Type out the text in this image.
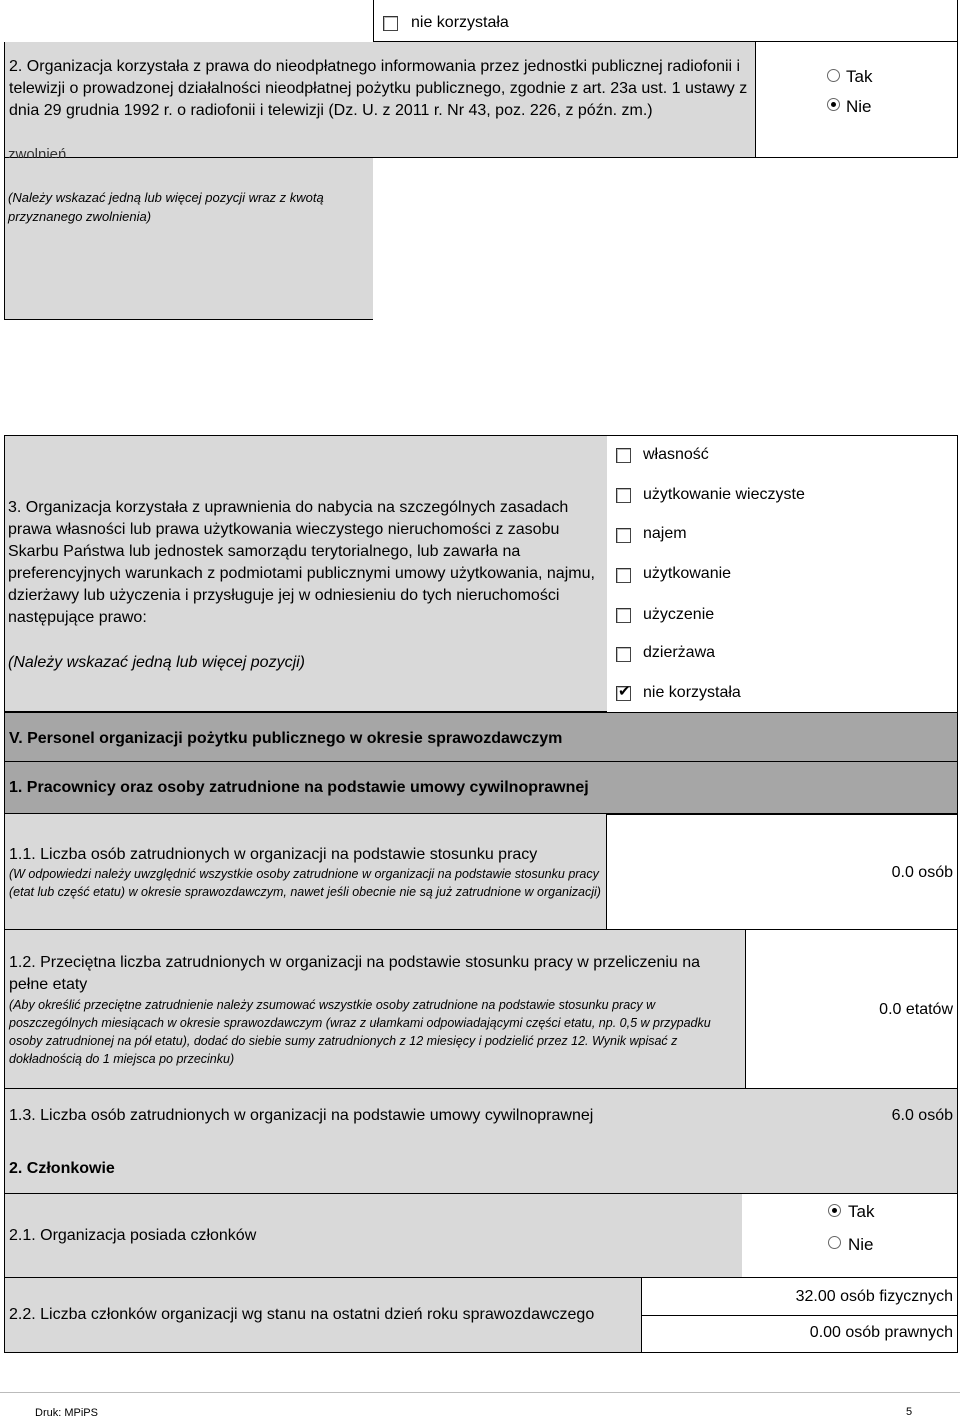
nie korzystała
2. Organizacja korzystała z prawa do nieodpłatnego informowania przez jednostki publicznej radiofonii i telewizji o prowadzonej działalności nieodpłatnej pożytku publicznego, zgodnie z art. 23a ust. 1 ustawy z dnia 29 grudnia 1992 r. o radiofonii i telewizji (Dz. U. z 2011 r. Nr 43, poz. 226, z późn. zm.)
Tak
Nie
zwolnień
(Należy wskazać jedną lub więcej pozycji wraz z kwotą przyznanego zwolnienia)
3. Organizacja korzystała z uprawnienia do nabycia na szczególnych zasadach prawa własności lub prawa użytkowania wieczystego nieruchomości z zasobu Skarbu Państwa lub jednostek samorządu terytorialnego, lub zawarła na preferencyjnych warunkach z podmiotami publicznymi umowy użytkowania, najmu, dzierżawy lub użyczenia i przysługuje jej w odniesieniu do tych nieruchomości następujące prawo:
(Należy wskazać jedną lub więcej pozycji)
własność
użytkowanie wieczyste
najem
użytkowanie
użyczenie
dzierżawa
✔ nie korzystała
V. Personel organizacji pożytku publicznego w okresie sprawozdawczym
1. Pracownicy oraz osoby zatrudnione na podstawie umowy cywilnoprawnej
1.1. Liczba osób zatrudnionych w organizacji na podstawie stosunku pracy
(W odpowiedzi należy uwzględnić wszystkie osoby zatrudnione w organizacji na podstawie stosunku pracy (etat lub część etatu) w okresie sprawozdawczym, nawet jeśli obecnie nie są już zatrudnione w organizacji)
0.0 osób
1.2. Przeciętna liczba zatrudnionych w organizacji na podstawie stosunku pracy w przeliczeniu na pełne etaty
(Aby określić przeciętne zatrudnienie należy zsumować wszystkie osoby zatrudnione na podstawie stosunku pracy w poszczególnych miesiącach w okresie sprawozdawczym (wraz z ułamkami odpowiadającymi części etatu, np. 0,5 w przypadku osoby zatrudnionej na pół etatu), dodać do siebie sumy zatrudnionych z 12 miesięcy i podzielić przez 12. Wynik wpisać z dokładnością do 1 miejsca po przecinku)
0.0 etatów
1.3. Liczba osób zatrudnionych w organizacji na podstawie umowy cywilnoprawnej	6.0 osób
2. Członkowie
2.1. Organizacja posiada członków
Tak
Nie
2.2. Liczba członków organizacji wg stanu na ostatni dzień roku sprawozdawczego
32.00 osób fizycznych
0.00 osób prawnych
Druk: MPiPS	5
